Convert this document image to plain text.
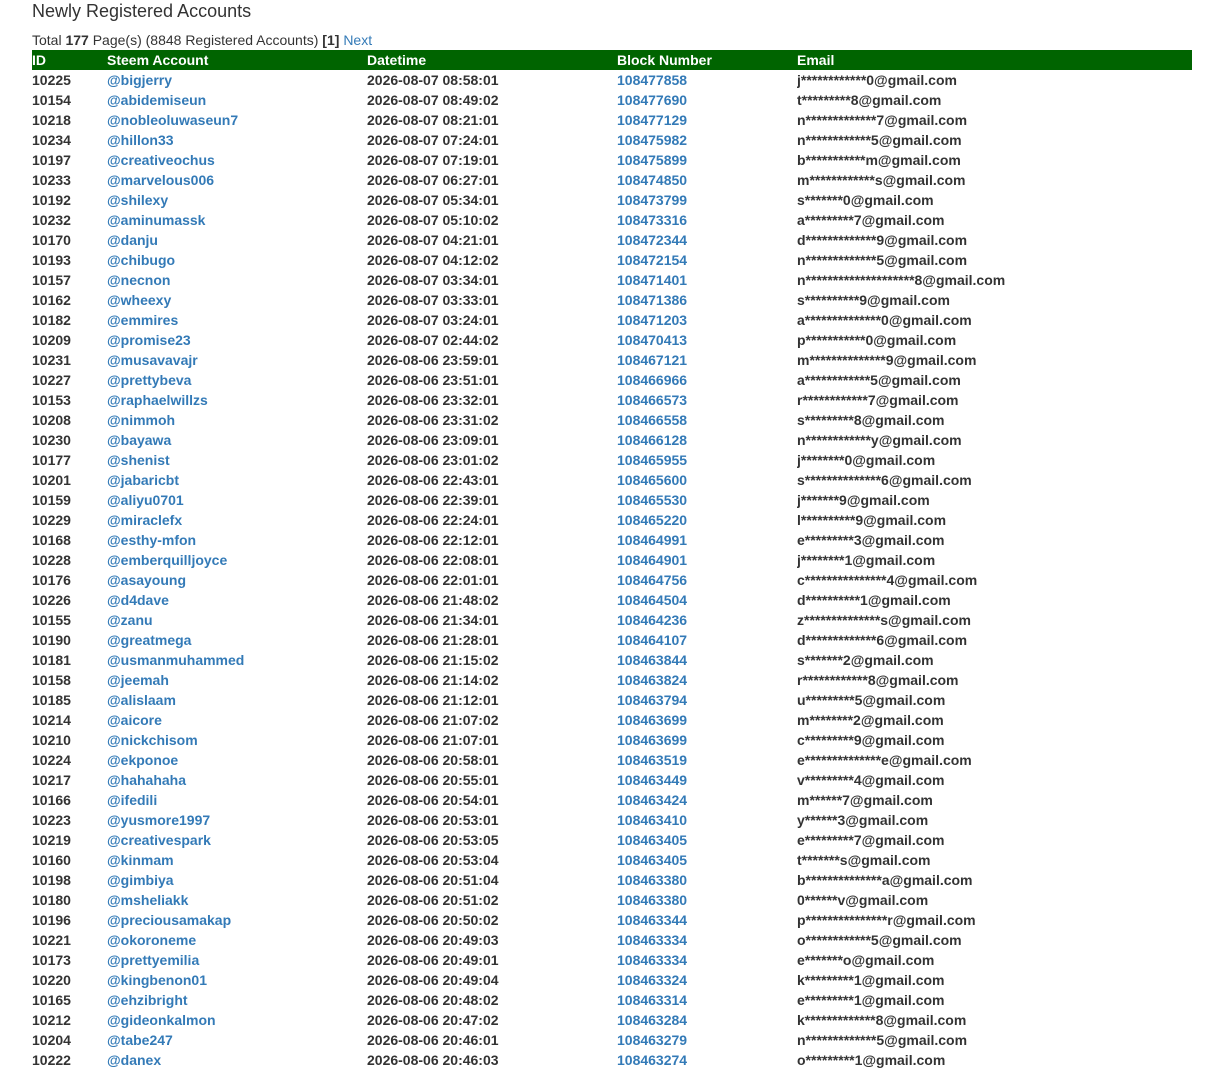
Newly Registered Accounts
Total 177 Page(s) (8848 Registered Accounts) [1] Next
ID	Steem Account	Datetime	Block Number	Email
10225	@bigjerry	2026-08-07 08:58:01	108477858	j************0@gmail.com
10154	@abidemiseun	2026-08-07 08:49:02	108477690	t*********8@gmail.com
10218	@nobleoluwaseun7	2026-08-07 08:21:01	108477129	n*************7@gmail.com
10234	@hillon33	2026-08-07 07:24:01	108475982	n************5@gmail.com
10197	@creativeochus	2026-08-07 07:19:01	108475899	b***********m@gmail.com
10233	@marvelous006	2026-08-07 06:27:01	108474850	m************s@gmail.com
10192	@shilexy	2026-08-07 05:34:01	108473799	s*******0@gmail.com
10232	@aminumassk	2026-08-07 05:10:02	108473316	a*********7@gmail.com
10170	@danju	2026-08-07 04:21:01	108472344	d*************9@gmail.com
10193	@chibugo	2026-08-07 04:12:02	108472154	n*************5@gmail.com
10157	@necnon	2026-08-07 03:34:01	108471401	n********************8@gmail.com
10162	@wheexy	2026-08-07 03:33:01	108471386	s**********9@gmail.com
10182	@emmires	2026-08-07 03:24:01	108471203	a**************0@gmail.com
10209	@promise23	2026-08-07 02:44:02	108470413	p***********0@gmail.com
10231	@musavavajr	2026-08-06 23:59:01	108467121	m**************9@gmail.com
10227	@prettybeva	2026-08-06 23:51:01	108466966	a************5@gmail.com
10153	@raphaelwillzs	2026-08-06 23:32:01	108466573	r************7@gmail.com
10208	@nimmoh	2026-08-06 23:31:02	108466558	s*********8@gmail.com
10230	@bayawa	2026-08-06 23:09:01	108466128	n************y@gmail.com
10177	@shenist	2026-08-06 23:01:02	108465955	j********0@gmail.com
10201	@jabaricbt	2026-08-06 22:43:01	108465600	s**************6@gmail.com
10159	@aliyu0701	2026-08-06 22:39:01	108465530	j*******9@gmail.com
10229	@miraclefx	2026-08-06 22:24:01	108465220	l**********9@gmail.com
10168	@esthy-mfon	2026-08-06 22:12:01	108464991	e*********3@gmail.com
10228	@emberquilljoyce	2026-08-06 22:08:01	108464901	j********1@gmail.com
10176	@asayoung	2026-08-06 22:01:01	108464756	c***************4@gmail.com
10226	@d4dave	2026-08-06 21:48:02	108464504	d**********1@gmail.com
10155	@zanu	2026-08-06 21:34:01	108464236	z**************s@gmail.com
10190	@greatmega	2026-08-06 21:28:01	108464107	d*************6@gmail.com
10181	@usmanmuhammed	2026-08-06 21:15:02	108463844	s*******2@gmail.com
10158	@jeemah	2026-08-06 21:14:02	108463824	r************8@gmail.com
10185	@alislaam	2026-08-06 21:12:01	108463794	u*********5@gmail.com
10214	@aicore	2026-08-06 21:07:02	108463699	m********2@gmail.com
10210	@nickchisom	2026-08-06 21:07:01	108463699	c*********9@gmail.com
10224	@ekponoe	2026-08-06 20:58:01	108463519	e**************e@gmail.com
10217	@hahahaha	2026-08-06 20:55:01	108463449	v*********4@gmail.com
10166	@ifedili	2026-08-06 20:54:01	108463424	m******7@gmail.com
10223	@yusmore1997	2026-08-06 20:53:01	108463410	y******3@gmail.com
10219	@creativespark	2026-08-06 20:53:05	108463405	e*********7@gmail.com
10160	@kinmam	2026-08-06 20:53:04	108463405	t*******s@gmail.com
10198	@gimbiya	2026-08-06 20:51:04	108463380	b**************a@gmail.com
10180	@msheliakk	2026-08-06 20:51:02	108463380	0******v@gmail.com
10196	@preciousamakap	2026-08-06 20:50:02	108463344	p***************r@gmail.com
10221	@okoroneme	2026-08-06 20:49:03	108463334	o************5@gmail.com
10173	@prettyemilia	2026-08-06 20:49:01	108463334	e*******o@gmail.com
10220	@kingbenon01	2026-08-06 20:49:04	108463324	k*********1@gmail.com
10165	@ehzibright	2026-08-06 20:48:02	108463314	e*********1@gmail.com
10212	@gideonkalmon	2026-08-06 20:47:02	108463284	k*************8@gmail.com
10204	@tabe247	2026-08-06 20:46:01	108463279	n*************5@gmail.com
10222	@danex	2026-08-06 20:46:03	108463274	o*********1@gmail.com
